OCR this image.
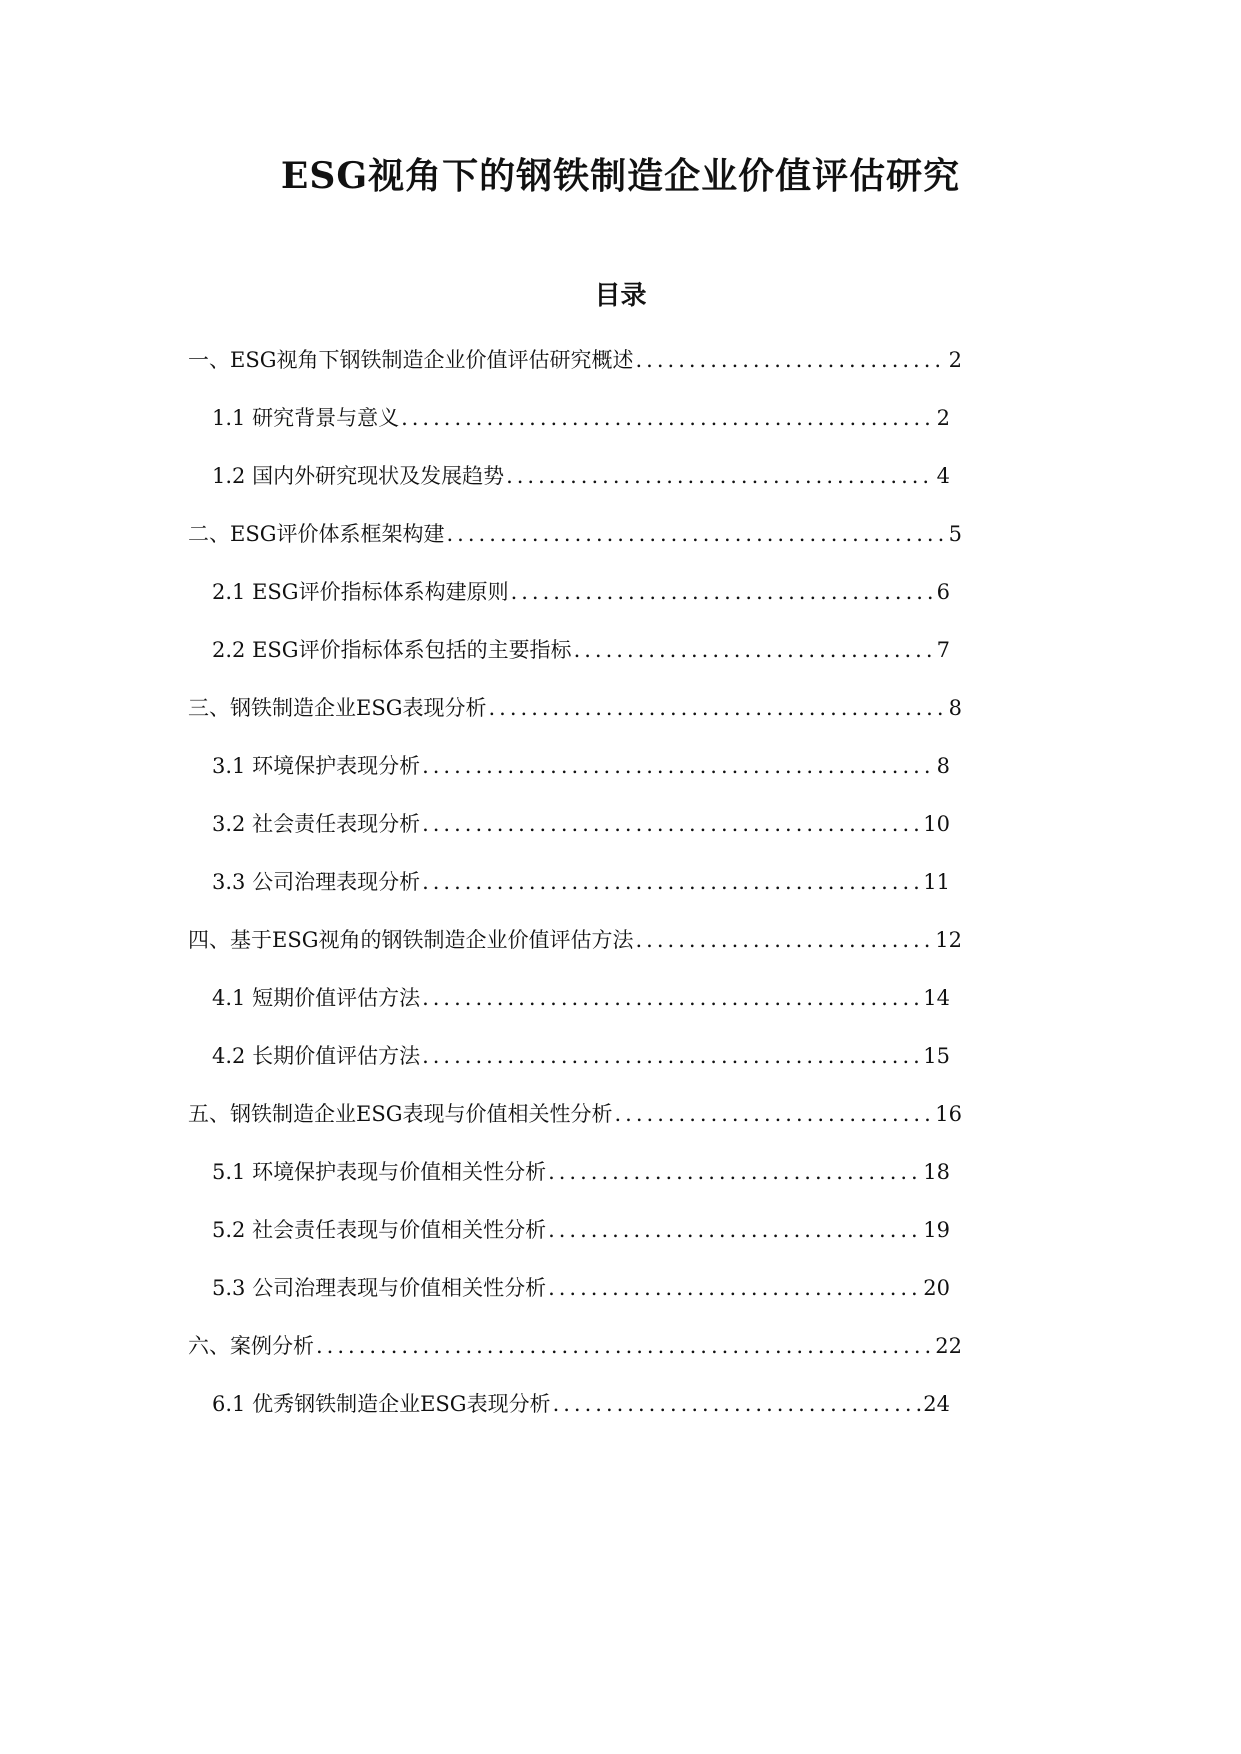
ESG视角下的钢铁制造企业价值评估研究
目录
一、ESG视角下钢铁制造企业价值评估研究概述 .....	2
1.1 研究背景与意义 .....	2
1.2 国内外研究现状及发展趋势 .....	4
二、ESG评价体系框架构建 .....	5
2.1 ESG评价指标体系构建原则 .....	6
2.2 ESG评价指标体系包括的主要指标 .....	7
三、钢铁制造企业ESG表现分析 .....	8
3.1 环境保护表现分析 .....	8
3.2 社会责任表现分析 .....	10
3.3 公司治理表现分析 .....	11
四、基于ESG视角的钢铁制造企业价值评估方法 .....	12
4.1 短期价值评估方法 .....	14
4.2 长期价值评估方法 .....	15
五、钢铁制造企业ESG表现与价值相关性分析 .....	16
5.1 环境保护表现与价值相关性分析 .....	18
5.2 社会责任表现与价值相关性分析 .....	19
5.3 公司治理表现与价值相关性分析 .....	20
六、案例分析 .....	22
6.1 优秀钢铁制造企业ESG表现分析 .....	24
